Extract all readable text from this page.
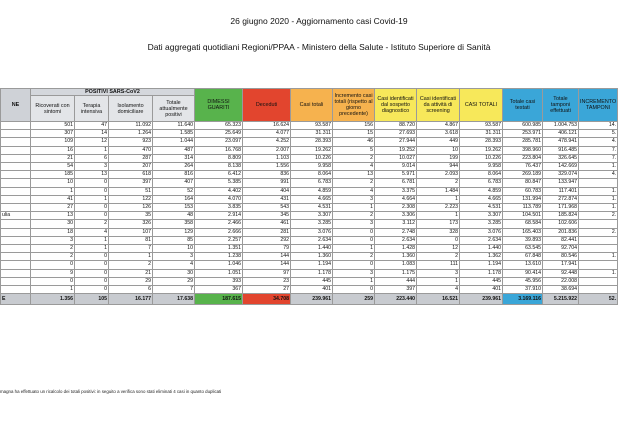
26 giugno 2020 - Aggiornamento casi Covid-19
Dati aggregati quotidiani Regioni/PPAA - Ministero della Salute - Istituto Superiore di Sanità
NE	POSITIVI SARS-CoV2				DIMESSI GUARITI	Deceduti	Casi totali	Incremento casi totali (rispetto al giorno precedente)	Casi identificati dal sospetto diagnostico	Casi identificati da attività di screening	CASI TOTALI	Totale casi testati	Totale tamponi effettuati	INCREMENTO TAMPONI
	Ricoverati con sintomi	Terapia intensiva	Isolamento domiciliare	Totale attualmente positivi										
	501	47	11.092	11.640	65.323	16.624	93.587	156	88.720	4.867	93.587	600.985	1.004.753	14.
	307	14	1.264	1.585	25.649	4.077	31.311	15	27.693	3.618	31.311	253.971	406.121	5.
	109	12	923	1.044	23.097	4.252	28.393	46	27.944	449	28.393	285.781	478.941	4.
	16	1	470	487	16.768	2.007	19.262	5	19.252	10	19.262	398.960	916.485	7.
	21	6	287	314	8.809	1.103	10.226	2	10.027	199	10.226	223.804	326.645	7.
	54	3	207	264	8.138	1.556	9.958	4	9.014	944	9.958	76.437	142.669	1.
	185	13	618	816	6.412	836	8.064	13	5.971	2.093	8.064	269.189	329.074	4.
	10	0	397	407	5.385	991	6.783	2	6.781	2	6.783	80.847	133.947	
	1	0	51	52	4.402	404	4.859	4	3.375	1.484	4.859	60.783	117.401	1.
	41	1	122	164	4.070	431	4.665	3	4.664	1	4.665	131.994	272.874	1.
	27	0	126	153	3.835	543	4.531	1	2.308	2.223	4.531	113.789	171.968	1.
ulia	13	0	35	48	2.914	345	3.307	2	3.306	1	3.307	104.501	185.824	2.
	30	2	326	358	2.466	461	3.285	3	3.112	173	3.285	68.584	102.606	
	18	4	107	129	2.666	281	3.076	0	2.748	328	3.076	165.403	201.836	2.
	3	1	81	85	2.257	292	2.634	0	2.634	0	2.634	39.893	82.441	
	2	1	7	10	1.351	79	1.440	1	1.428	12	1.440	63.545	92.704	
	2	0	1	3	1.238	144	1.360	2	1.360	2	1.362	67.848	80.546	1.
	0	0	2	4	1.046	144	1.194	0	1.083	111	1.194	13.610	17.941	
	9	0	21	30	1.051	97	1.178	3	1.175	3	1.178	90.414	92.448	1.
	0	0	29	29	393	23	445	1	444	1	445	45.956	22.008	
	1	0	6	7	367	27	401	0	397	4	401	37.910	38.694	
E	1.356	105	16.177	17.638	187.615	34.708	239.961	259	223.440	16.521	239.961	3.169.116	5.215.922	52.
magna ha effettuato un ricalcolo dei totali positivi: in seguito a verifica sono stati eliminati 4 casi in quanto duplicati
